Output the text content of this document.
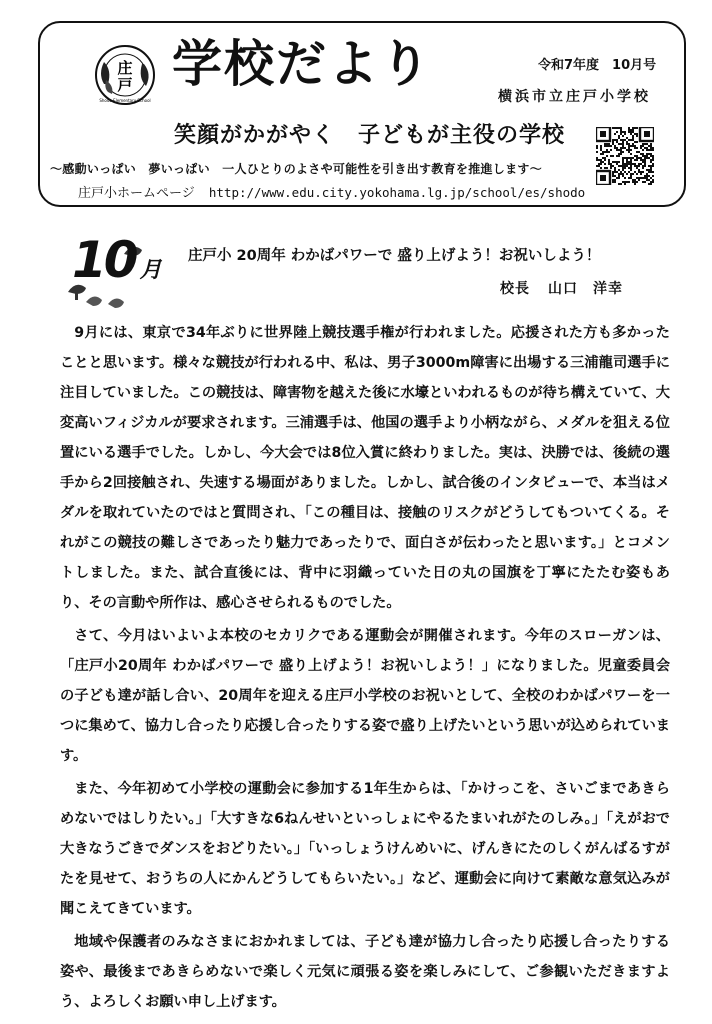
庄
戸
Shodo Elementary School
学校だより	令和7年度　10月号
横浜市立庄戸小学校
笑顔がかがやく　子どもが主役の学校
～感動いっぱい　夢いっぱい　一人ひとりのよさや可能性を引き出す教育を推進します～
庄戸小ホームページ http://www.edu.city.yokohama.lg.jp/school/es/shodo
10 月
庄戸小 20周年 わかばパワーで 盛り上げよう！お祝いしよう！
校長 山口　洋幸

9月には、東京で34年ぶりに世界陸上競技選手権が行われました。応援された方も多かったことと思います。様々な競技が行われる中、私は、男子3000m障害に出場する三浦龍司選手に注目していました。この競技は、障害物を越えた後に水壕といわれるものが待ち構えていて、大変高いフィジカルが要求されます。三浦選手は、他国の選手より小柄ながら、メダルを狙える位置にいる選手でした。しかし、今大会では8位入賞に終わりました。実は、決勝では、後続の選手から2回接触され、失速する場面がありました。しかし、試合後のインタビューで、本当はメダルを取れていたのではと質問され、「この種目は、接触のリスクがどうしてもついてくる。それがこの競技の難しさであったり魅力であったりで、面白さが伝わったと思います。」とコメントしました。また、試合直後には、背中に羽織っていた日の丸の国旗を丁寧にたたむ姿もあり、その言動や所作は、感心させられるものでした。

さて、今月はいよいよ本校のセカリクである運動会が開催されます。今年のスローガンは、「庄戸小20周年 わかばパワーで 盛り上げよう！お祝いしよう！」になりました。児童委員会の子ども達が話し合い、20周年を迎える庄戸小学校のお祝いとして、全校のわかばパワーを一つに集めて、協力し合ったり応援し合ったりする姿で盛り上げたいという思いが込められています。

また、今年初めて小学校の運動会に参加する1年生からは、「かけっこを、さいごまであきらめないではしりたい。」「大すきな6ねんせいといっしょにやるたまいれがたのしみ。」「えがおで大きなうごきでダンスをおどりたい。」「いっしょうけんめいに、げんきにたのしくがんばるすがたを見せて、おうちの人にかんどうしてもらいたい。」など、運動会に向けて素敵な意気込みが聞こえてきています。

地域や保護者のみなさまにおかれましては、子ども達が協力し合ったり応援し合ったりする姿や、最後まであきらめないで楽しく元気に頑張る姿を楽しみにして、ご参観いただきますよう、よろしくお願い申し上げます。
